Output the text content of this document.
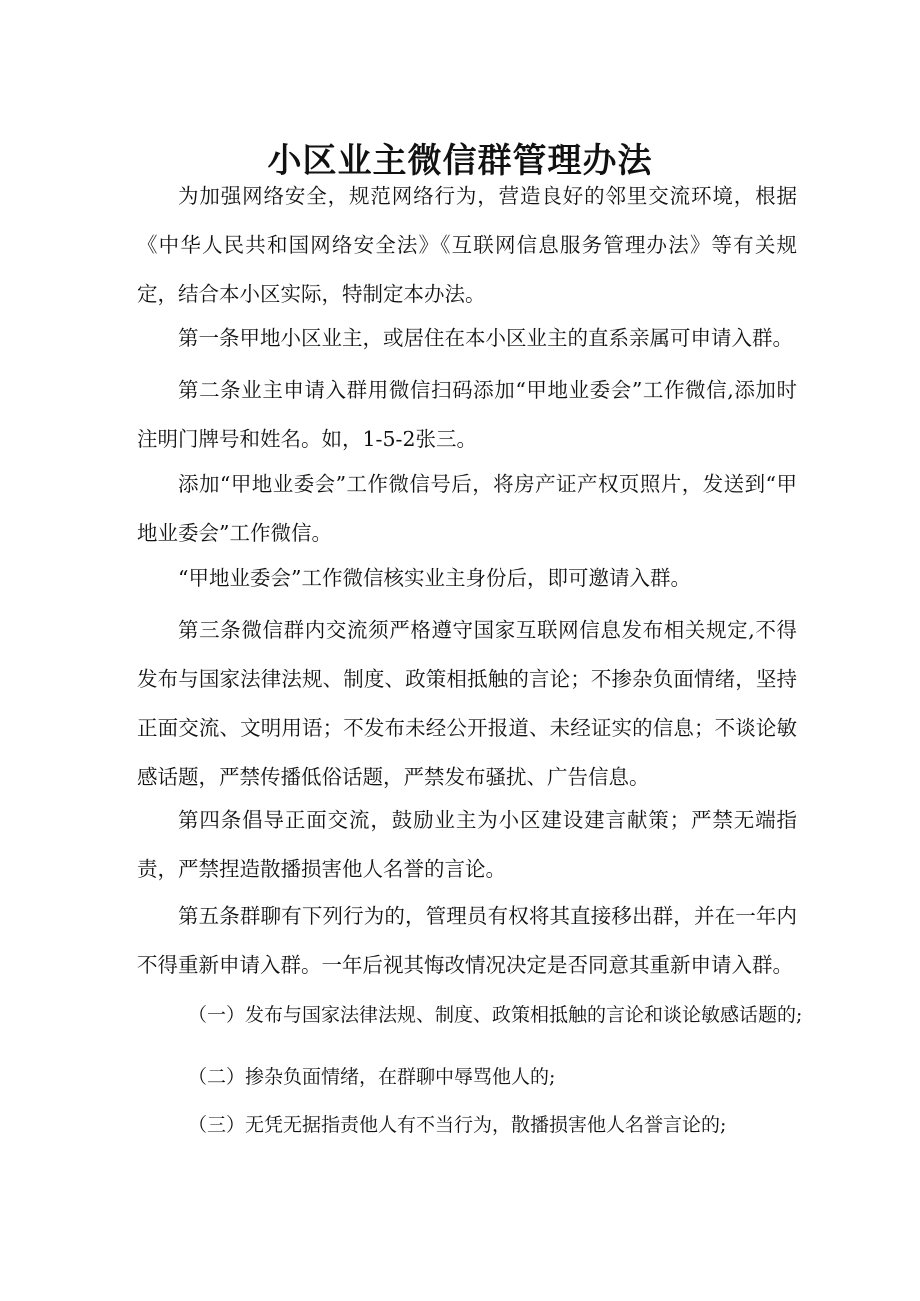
小区业主微信群管理办法

为加强网络安全，规范网络行为，营造良好的邻里交流环境，根据《中华人民共和国网络安全法》《互联网信息服务管理办法》等有关规定，结合本小区实际，特制定本办法。

第一条甲地小区业主，或居住在本小区业主的直系亲属可申请入群。

第二条业主申请入群用微信扫码添加“甲地业委会”工作微信,添加时注明门牌号和姓名。如，1-5-2张三。

添加“甲地业委会”工作微信号后，将房产证产权页照片，发送到“甲地业委会”工作微信。

“甲地业委会”工作微信核实业主身份后，即可邀请入群。

第三条微信群内交流须严格遵守国家互联网信息发布相关规定,不得发布与国家法律法规、制度、政策相抵触的言论；不掺杂负面情绪，坚持正面交流、文明用语；不发布未经公开报道、未经证实的信息；不谈论敏感话题，严禁传播低俗话题，严禁发布骚扰、广告信息。

第四条倡导正面交流，鼓励业主为小区建设建言献策；严禁无端指责，严禁捏造散播损害他人名誉的言论。

第五条群聊有下列行为的，管理员有权将其直接移出群，并在一年内不得重新申请入群。一年后视其悔改情况决定是否同意其重新申请入群。

（一）发布与国家法律法规、制度、政策相抵触的言论和谈论敏感话题的;

（二）掺杂负面情绪，在群聊中辱骂他人的;

（三）无凭无据指责他人有不当行为，散播损害他人名誉言论的;
